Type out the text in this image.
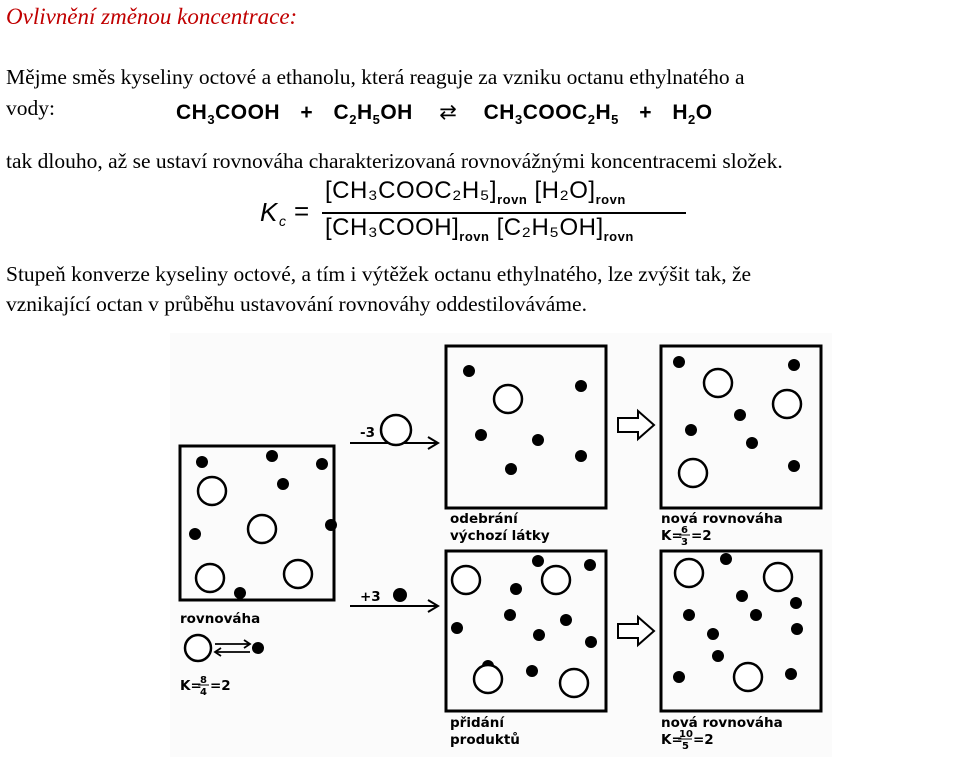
Ovlivnění změnou koncentrace:
Mějme směs kyseliny octové a ethanolu, která reaguje za vzniku octanu ethylnatého a
vody:	$CH_3COOH + C_2H_5OH$ ⇄ $CH_3COOC_2H_5 + H_2O$
tak dlouho, až se ustaví rovnováha charakterizovaná rovnovážnými koncentracemi složek.
K c =
$[CH_3COOC_2H_5]_{rovn}$ $[H_2O]_{rovn}$
$[CH_3COOH]_{rovn}$ $[C_2H_5OH]_{rovn}$
Stupeň konverze kyseliny octové, a tím i výtěžek octanu ethylnatého, lze zvýšit tak, že
vznikající octan v průběhu ustavování rovnováhy oddestilováváme.
-3
+3
odebrání
výchozí látky
nová rovnováha
K=
6
3 =2
rovnováha
K=
8
4 =2
přidání
produktů
nová rovnováha
K=
10
5 =2
